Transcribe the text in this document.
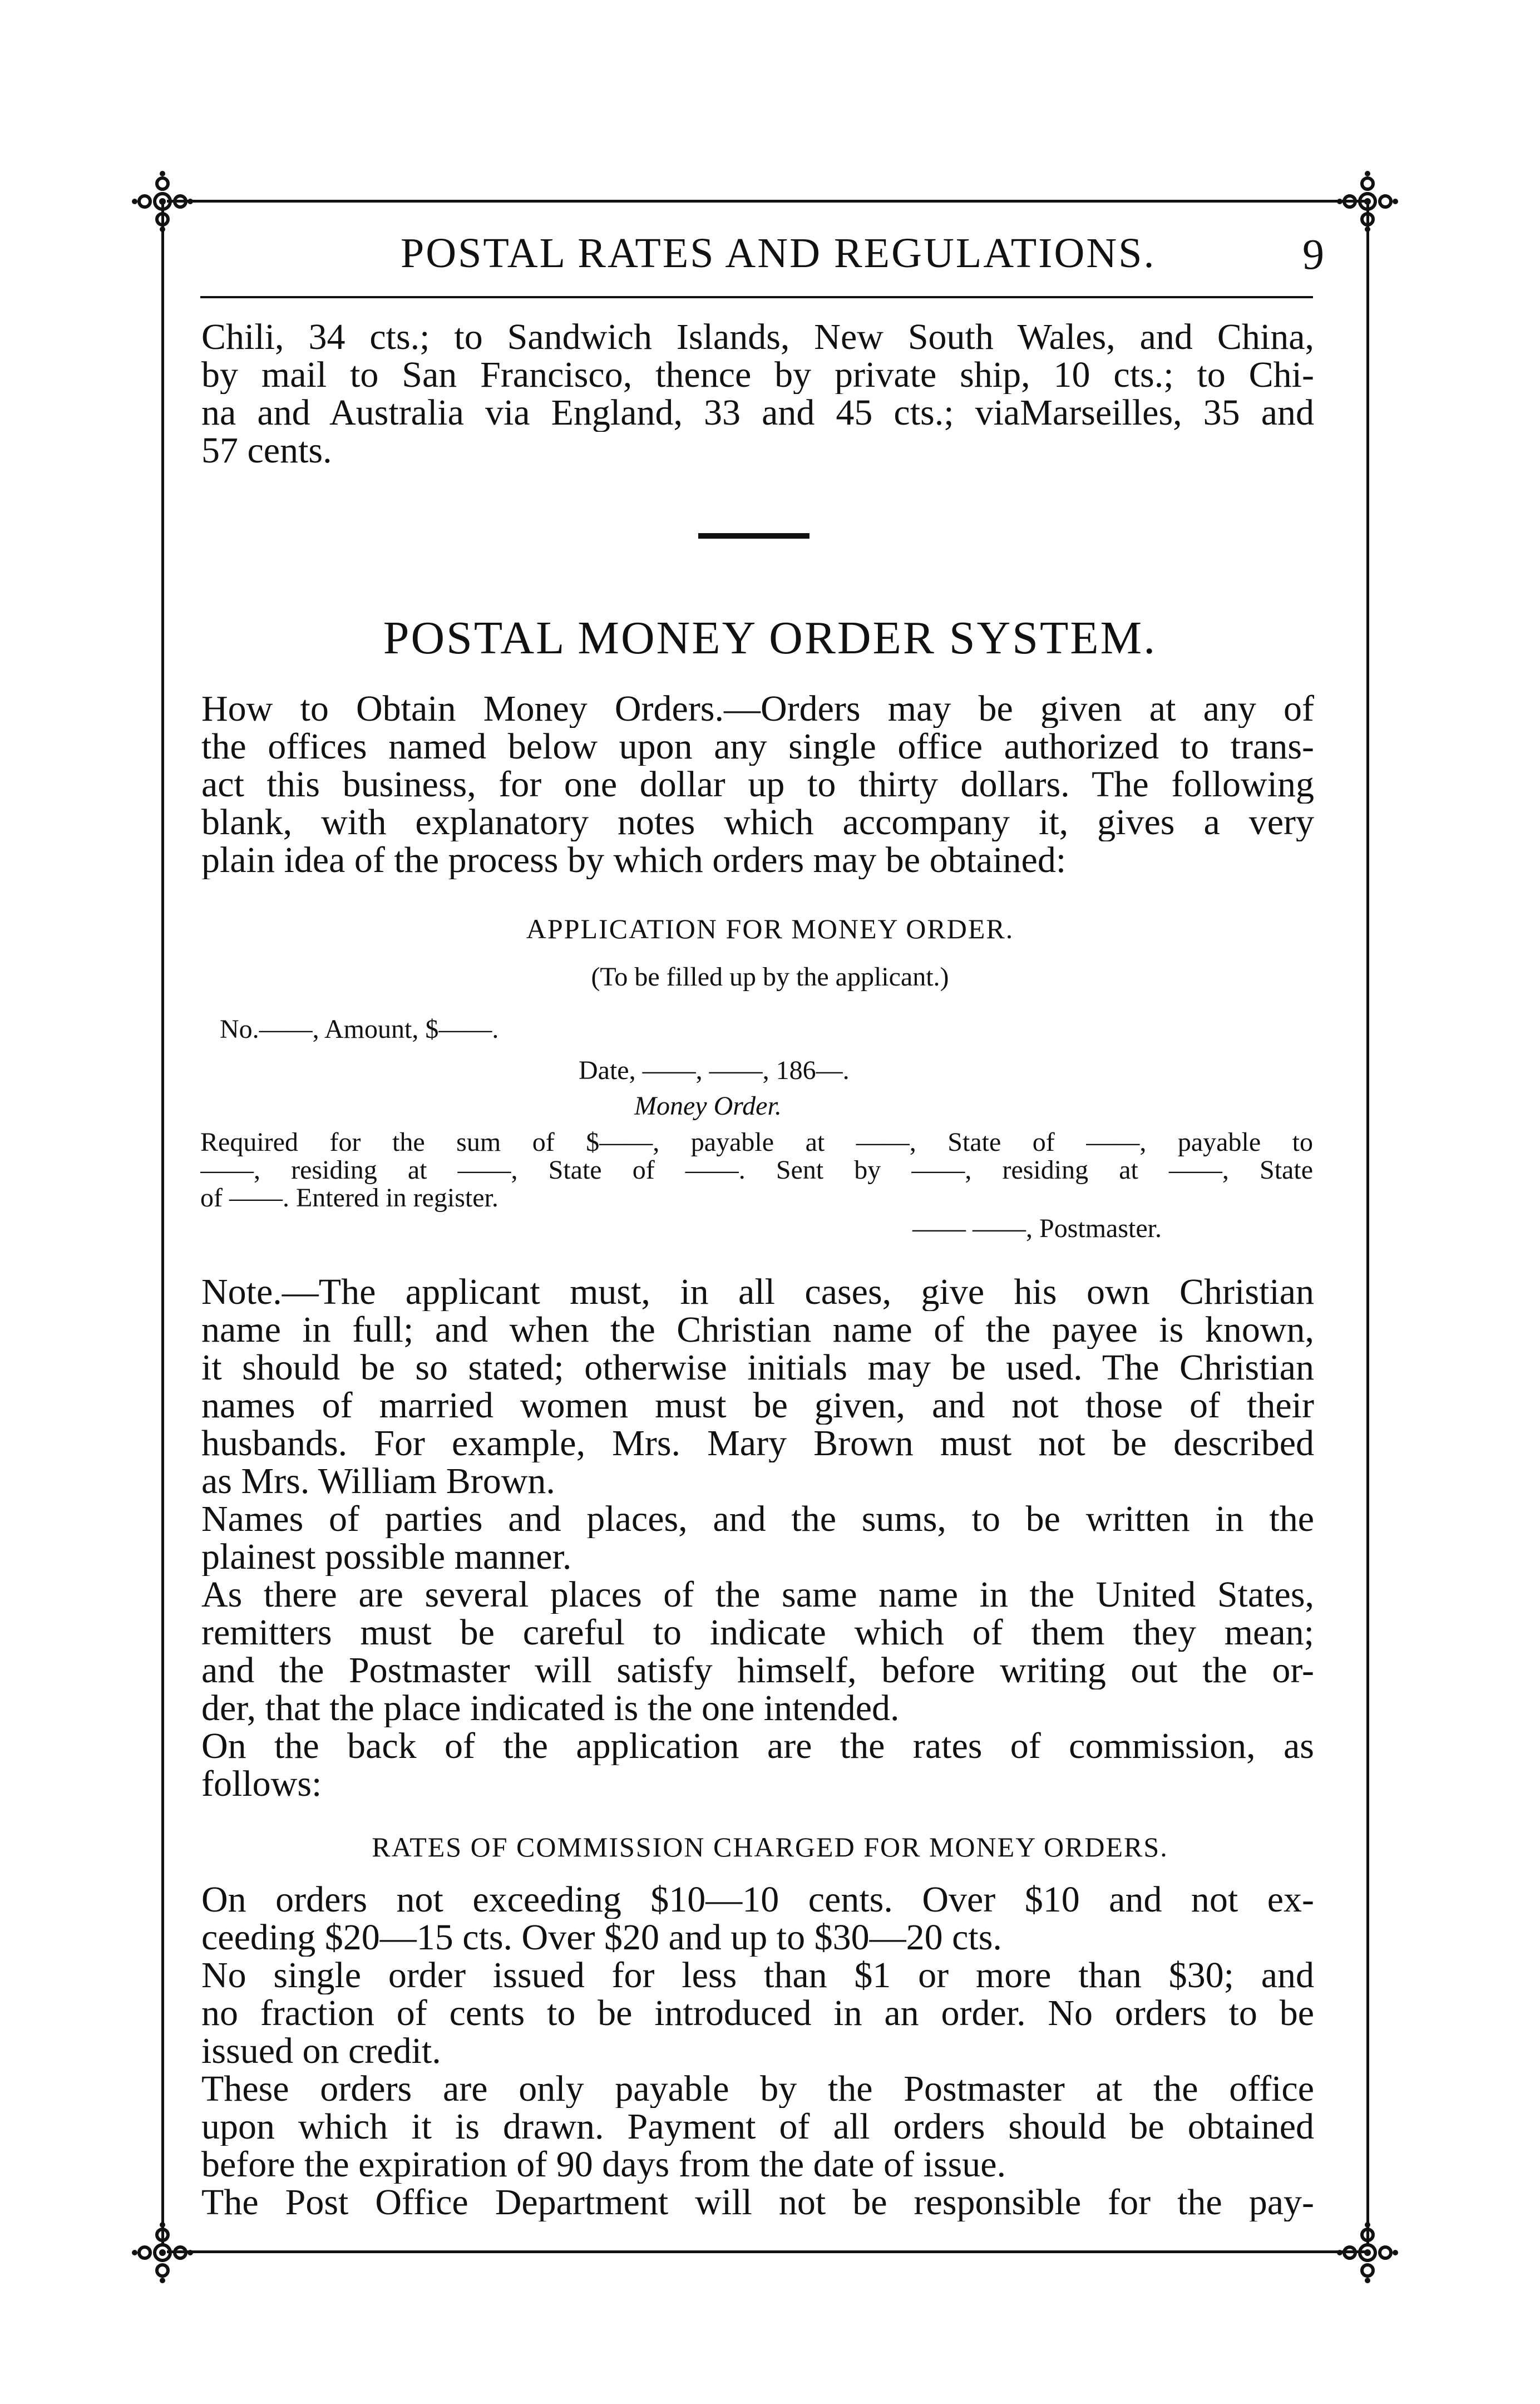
POSTAL RATES AND REGULATIONS.	9
Chili, 34 cts.; to Sandwich Islands, New South Wales, and China,
by mail to San Francisco, thence by private ship, 10 cts.; to Chi-
na and Australia via England, 33 and 45 cts.; viaMarseilles, 35 and
57 cents.
POSTAL MONEY ORDER SYSTEM.
How to Obtain Money Orders.—Orders may be given at any of
the offices named below upon any single office authorized to trans-
act this business, for one dollar up to thirty dollars. The following
blank, with explanatory notes which accompany it, gives a very
plain idea of the process by which orders may be obtained:
APPLICATION FOR MONEY ORDER.
(To be filled up by the applicant.)
No.——, Amount, $——.
Date, ——, ——, 186—.
Money Order.
Required for the sum of $——, payable at ——, State of ——, payable to
——, residing at ——, State of ——. Sent by ——, residing at ——, State
of ——. Entered in register.
—— ——, Postmaster.
Note.—The applicant must, in all cases, give his own Christian
name in full; and when the Christian name of the payee is known,
it should be so stated; otherwise initials may be used. The Christian
names of married women must be given, and not those of their
husbands. For example, Mrs. Mary Brown must not be described
as Mrs. William Brown.
Names of parties and places, and the sums, to be written in the
plainest possible manner.
As there are several places of the same name in the United States,
remitters must be careful to indicate which of them they mean;
and the Postmaster will satisfy himself, before writing out the or-
der, that the place indicated is the one intended.
On the back of the application are the rates of commission, as
follows:
RATES OF COMMISSION CHARGED FOR MONEY ORDERS.
On orders not exceeding $10—10 cents. Over $10 and not ex-
ceeding $20—15 cts. Over $20 and up to $30—20 cts.
No single order issued for less than $1 or more than $30; and
no fraction of cents to be introduced in an order. No orders to be
issued on credit.
These orders are only payable by the Postmaster at the office
upon which it is drawn. Payment of all orders should be obtained
before the expiration of 90 days from the date of issue.
The Post Office Department will not be responsible for the pay-
